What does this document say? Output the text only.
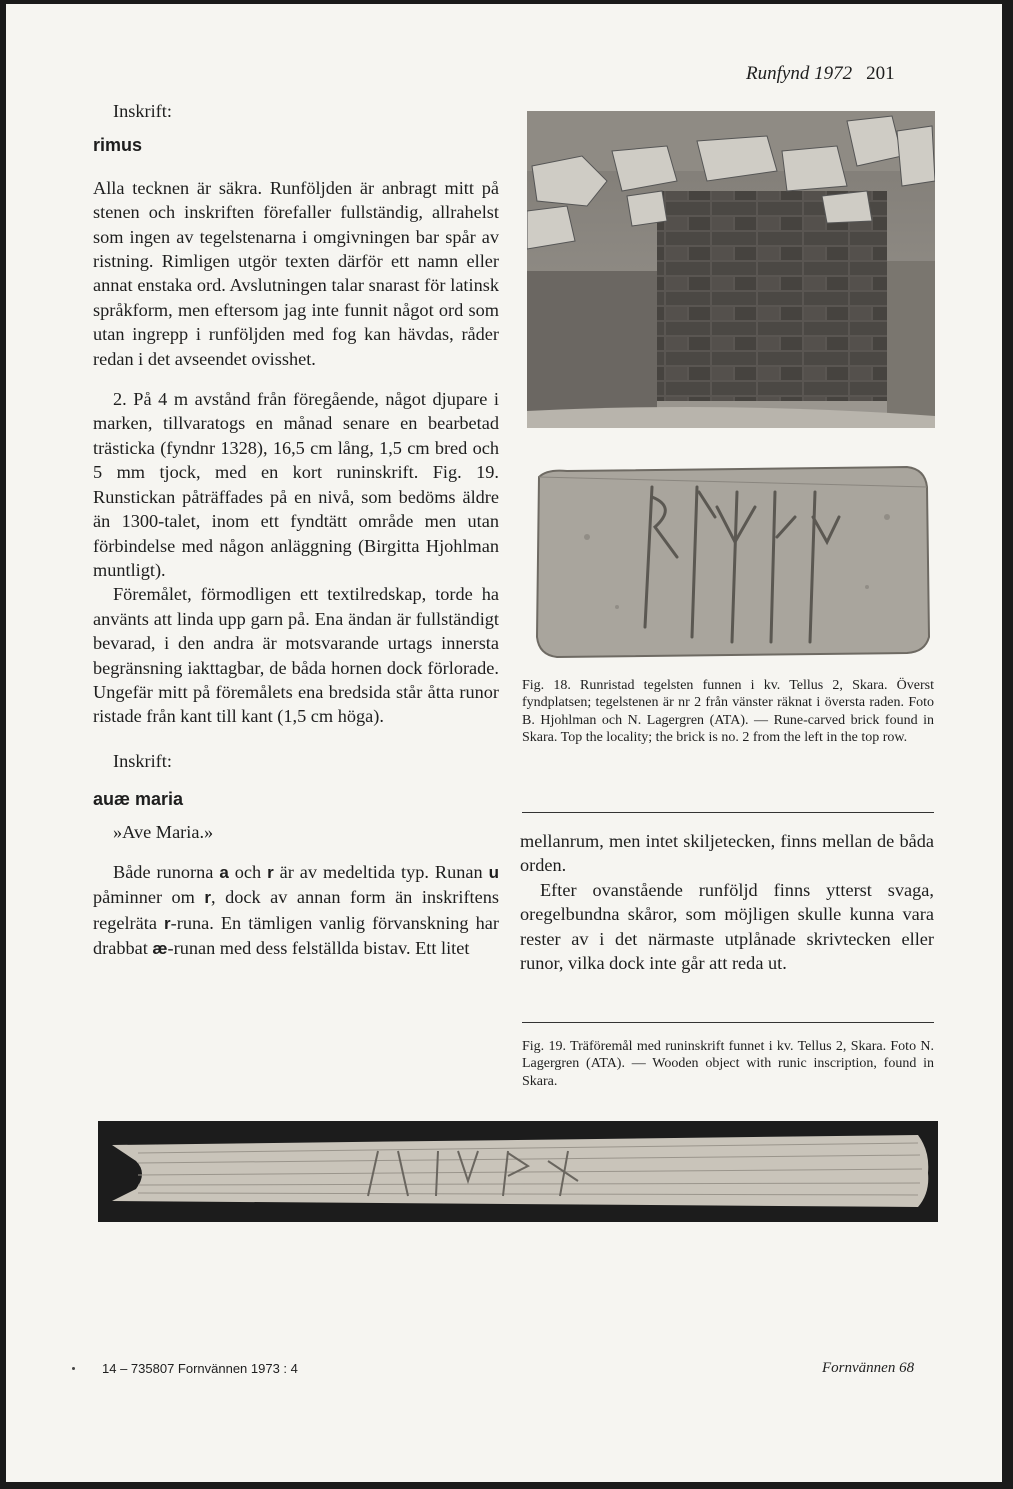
Runfynd 1972 201

Inskrift:

rimus

Alla tecknen är säkra. Runföljden är anbragt mitt på stenen och inskriften förefaller fullständig, allrahelst som ingen av tegelstenarna i omgivningen bar spår av ristning. Rimligen utgör texten därför ett namn eller annat enstaka ord. Avslutningen talar snarast för latinsk språkform, men eftersom jag inte funnit något ord som utan ingrepp i runföljden med fog kan hävdas, råder redan i det avseendet ovisshet.

2. På 4 m avstånd från föregående, något djupare i marken, tillvaratogs en månad senare en bearbetad trästicka (fyndnr 1328), 16,5 cm lång, 1,5 cm bred och 5 mm tjock, med en kort runinskrift. Fig. 19. Runstickan påträffades på en nivå, som bedöms äldre än 1300-talet, inom ett fyndtätt område men utan förbindelse med någon anläggning (Birgitta Hjohlman muntligt).

Föremålet, förmodligen ett textilredskap, torde ha använts att linda upp garn på. Ena ändan är fullständigt bevarad, i den andra är motsvarande urtags innersta begränsning iakttagbar, de båda hornen dock förlorade. Ungefär mitt på föremålets ena bredsida står åtta runor ristade från kant till kant (1,5 cm höga).

Inskrift:

auæ maria

»Ave Maria.»

Både runorna a och r är av medeltida typ. Runan u påminner om r, dock av annan form än inskriftens regelräta r-runa. En tämligen vanlig förvanskning har drabbat æ-runan med dess felställda bistav. Ett litet

Fig. 18. Runristad tegelsten funnen i kv. Tellus 2, Skara. Överst fyndplatsen; tegelstenen är nr 2 från vänster räknat i översta raden. Foto B. Hjohlman och N. Lagergren (ATA). — Rune-carved brick found in Skara. Top the locality; the brick is no. 2 from the left in the top row.

mellanrum, men intet skiljetecken, finns mellan de båda orden.

Efter ovanstående runföljd finns ytterst svaga, oregelbundna skåror, som möjligen skulle kunna vara rester av i det närmaste utplånade skrivtecken eller runor, vilka dock inte går att reda ut.

Fig. 19. Träföremål med runinskrift funnet i kv. Tellus 2, Skara. Foto N. Lagergren (ATA). — Wooden object with runic inscription, found in Skara.
14 – 735807 Fornvännen 1973 : 4	Fornvännen 68
